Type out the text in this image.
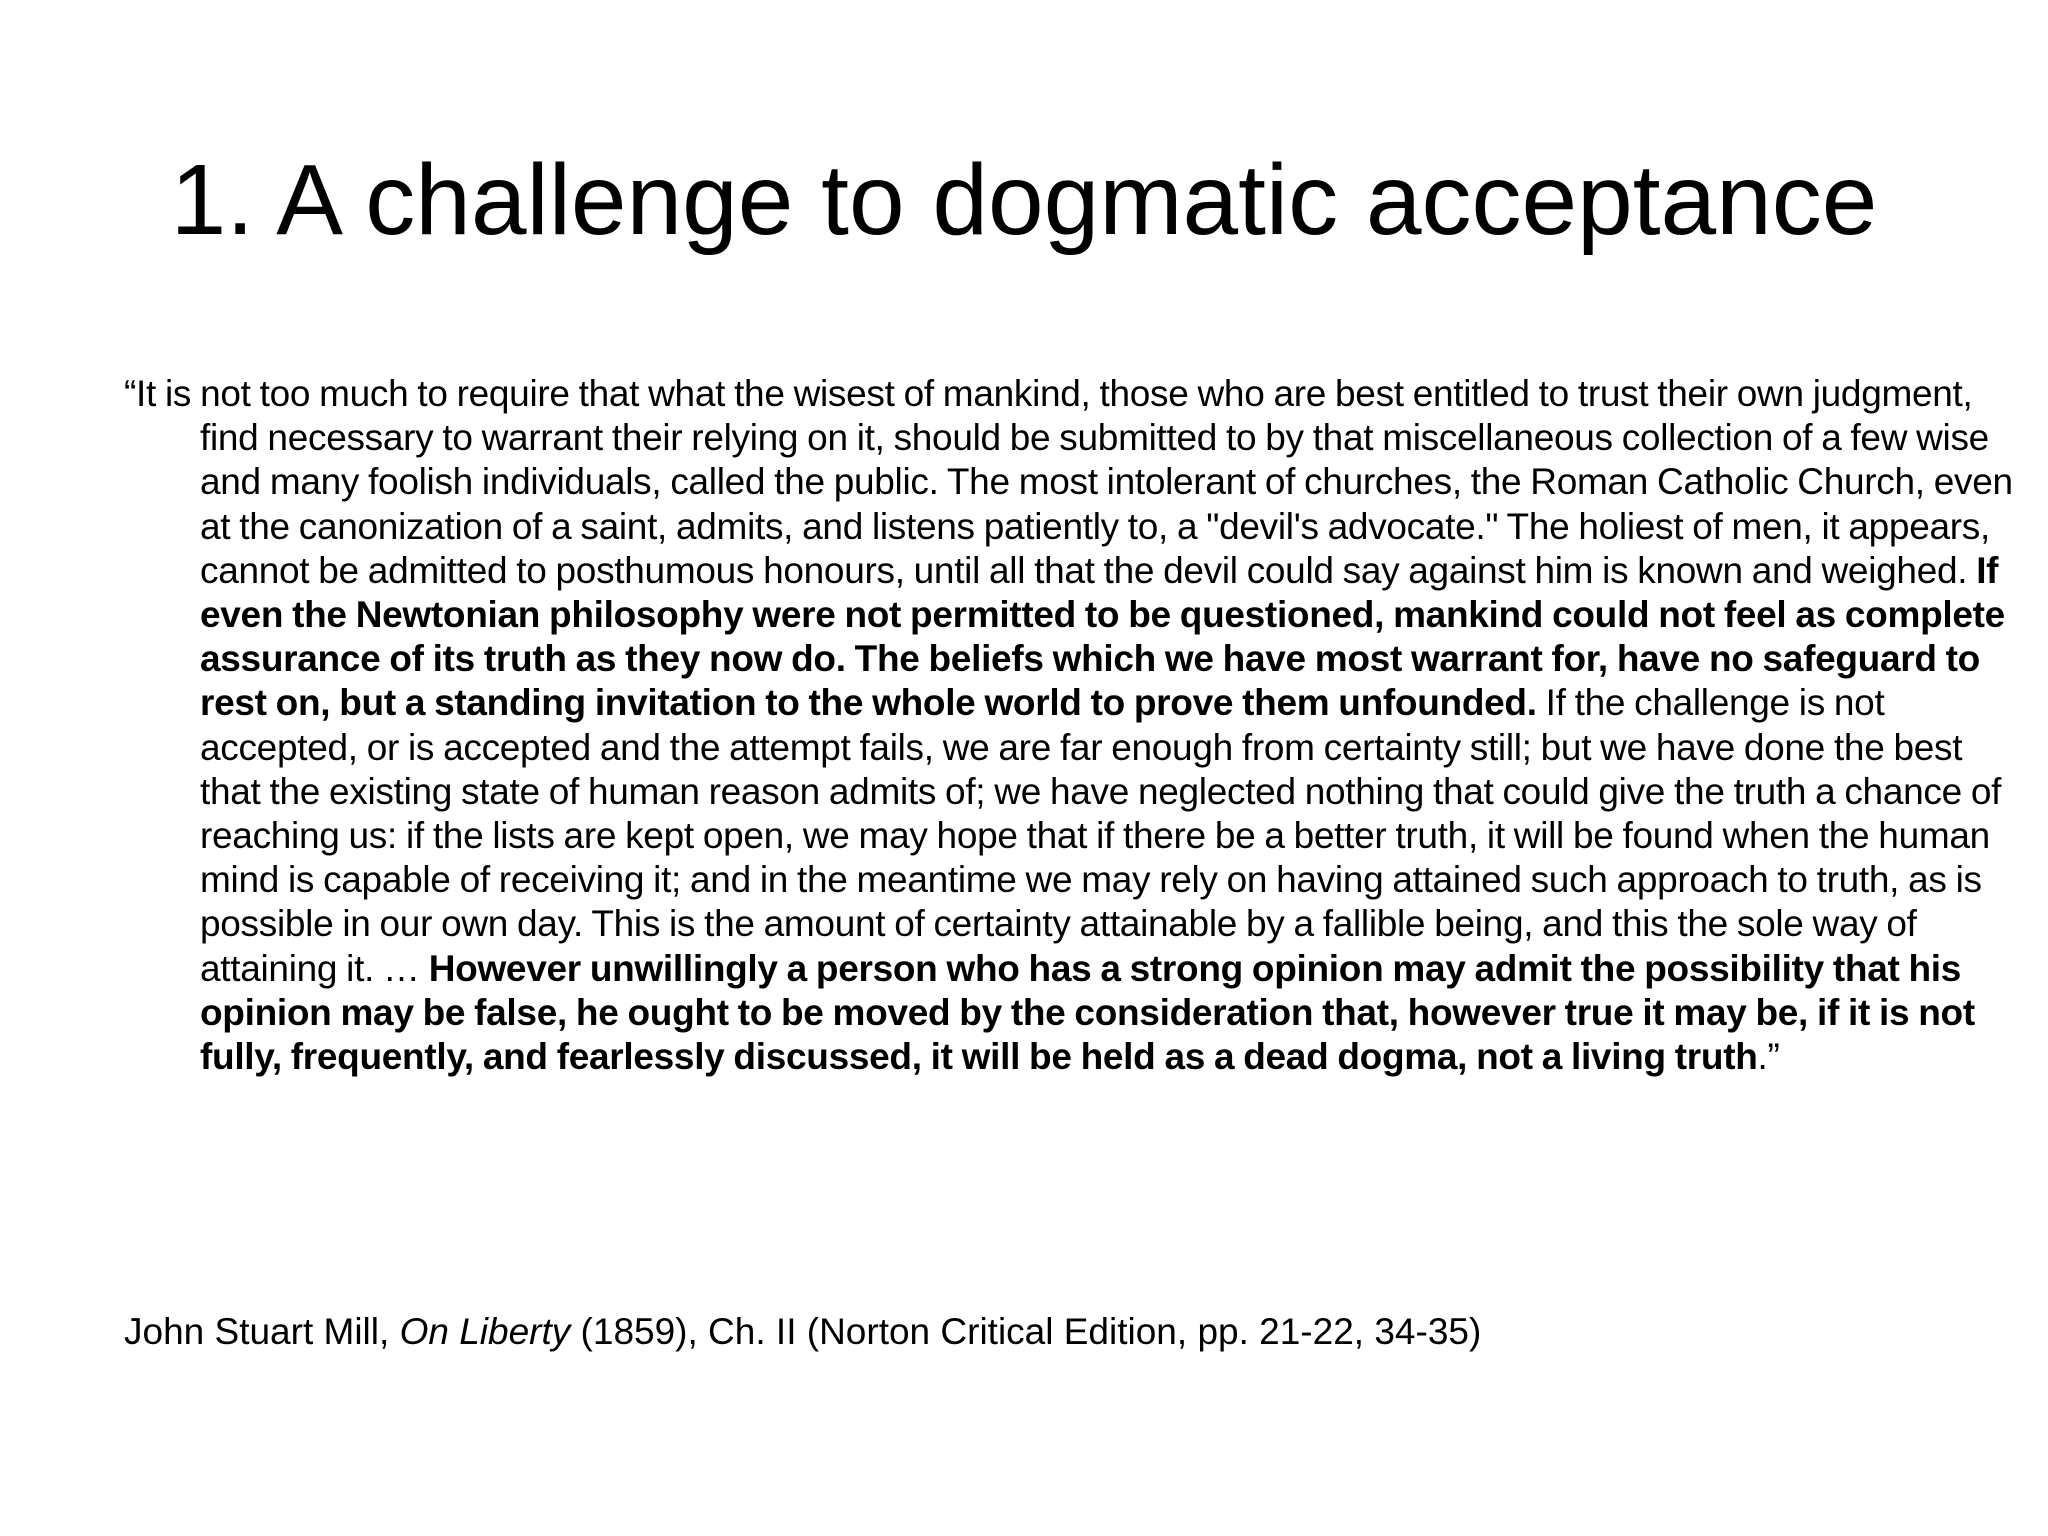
1. A challenge to dogmatic acceptance

“It is not too much to require that what the wisest of mankind, those who are best entitled to trust their own judgment, find necessary to warrant their relying on it, should be submitted to by that miscellaneous collection of a few wise and many foolish individuals, called the public. The most intolerant of churches, the Roman Catholic Church, even at the canonization of a saint, admits, and listens patiently to, a "devil's advocate." The holiest of men, it appears, cannot be admitted to posthumous honours, until all that the devil could say against him is known and weighed. If even the Newtonian philosophy were not permitted to be questioned, mankind could not feel as complete assurance of its truth as they now do. The beliefs which we have most warrant for, have no safeguard to rest on, but a standing invitation to the whole world to prove them unfounded. If the challenge is not accepted, or is accepted and the attempt fails, we are far enough from certainty still; but we have done the best that the existing state of human reason admits of; we have neglected nothing that could give the truth a chance of reaching us: if the lists are kept open, we may hope that if there be a better truth, it will be found when the human mind is capable of receiving it; and in the meantime we may rely on having attained such approach to truth, as is possible in our own day. This is the amount of certainty attainable by a fallible being, and this the sole way of attaining it. … However unwillingly a person who has a strong opinion may admit the possibility that his opinion may be false, he ought to be moved by the consideration that, however true it may be, if it is not fully, frequently, and fearlessly discussed, it will be held as a dead dogma, not a living truth.”

John Stuart Mill, On Liberty (1859), Ch. II (Norton Critical Edition, pp. 21-22, 34-35)
